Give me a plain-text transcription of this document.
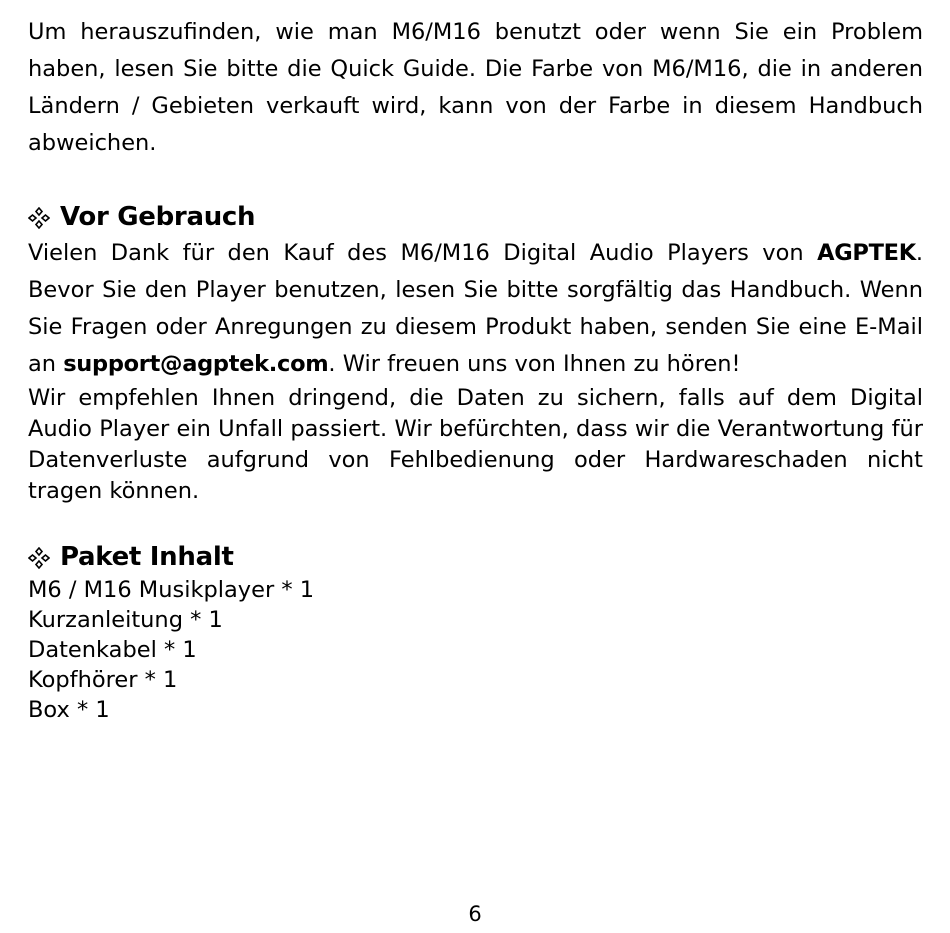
Um herauszufinden, wie man M6/M16 benutzt oder wenn Sie ein Problem haben, lesen Sie bitte die Quick Guide. Die Farbe von M6/M16, die in anderen Ländern / Gebieten verkauft wird, kann von der Farbe in diesem Handbuch abweichen.

Vor Gebrauch

Vielen Dank für den Kauf des M6/M16 Digital Audio Players von AGPTEK. Bevor Sie den Player benutzen, lesen Sie bitte sorgfältig das Handbuch. Wenn Sie Fragen oder Anregungen zu diesem Produkt haben, senden Sie eine E-Mail an support@agptek.com. Wir freuen uns von Ihnen zu hören!

Wir empfehlen Ihnen dringend, die Daten zu sichern, falls auf dem Digital Audio Player ein Unfall passiert. Wir befürchten, dass wir die Verantwortung für Datenverluste aufgrund von Fehlbedienung oder Hardwareschaden nicht tragen können.

Paket Inhalt
M6 / M16 Musikplayer * 1
Kurzanleitung * 1
Datenkabel * 1
Kopfhörer * 1
Box * 1
6
